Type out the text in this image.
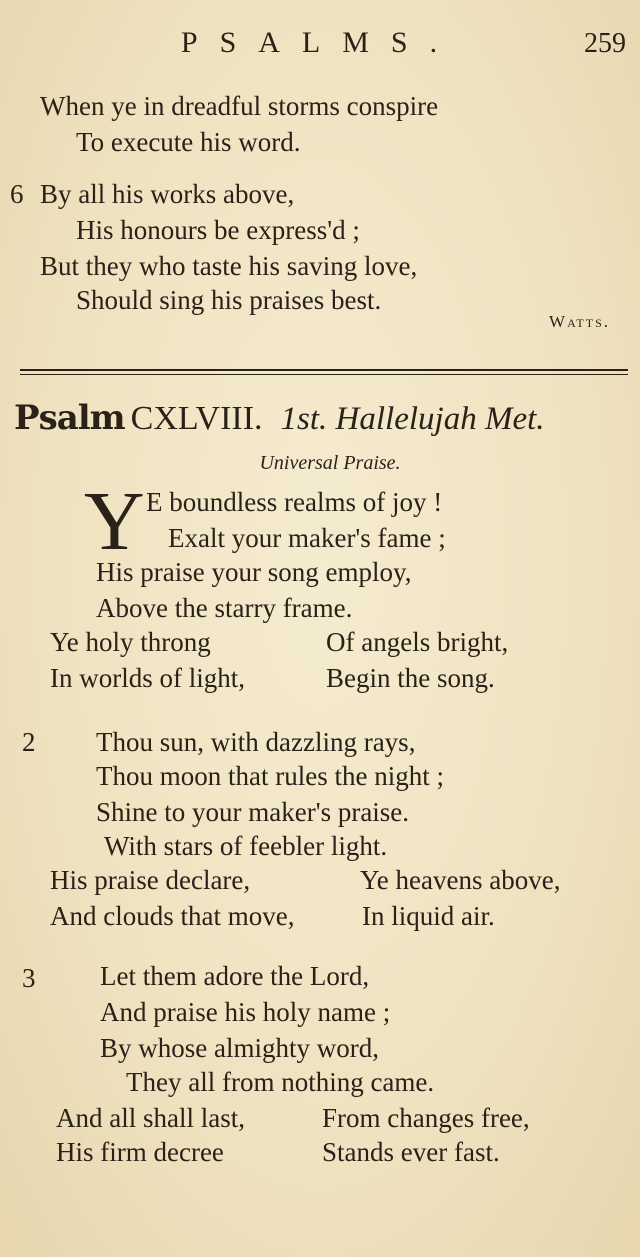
PSALMS.	259
When ye in dreadful storms conspire
To execute his word.
6 By all his works above,
His honours be express'd ;
But they who taste his saving love,
Should sing his praises best.
Watts.
Psalm CXLVIII. 1st. Hallelujah Met.
Universal Praise.
Y E boundless realms of joy !
Exalt your maker's fame ;
His praise your song employ,
Above the starry frame.
Ye holy throng	Of angels bright,
In worlds of light,	Begin the song.
2 Thou sun, with dazzling rays,
Thou moon that rules the night ;
Shine to your maker's praise.
With stars of feebler light.
His praise declare,	Ye heavens above,
And clouds that move,	In liquid air.
3 Let them adore the Lord,
And praise his holy name ;
By whose almighty word,
They all from nothing came.
And all shall last,	From changes free,
His firm decree	Stands ever fast.
